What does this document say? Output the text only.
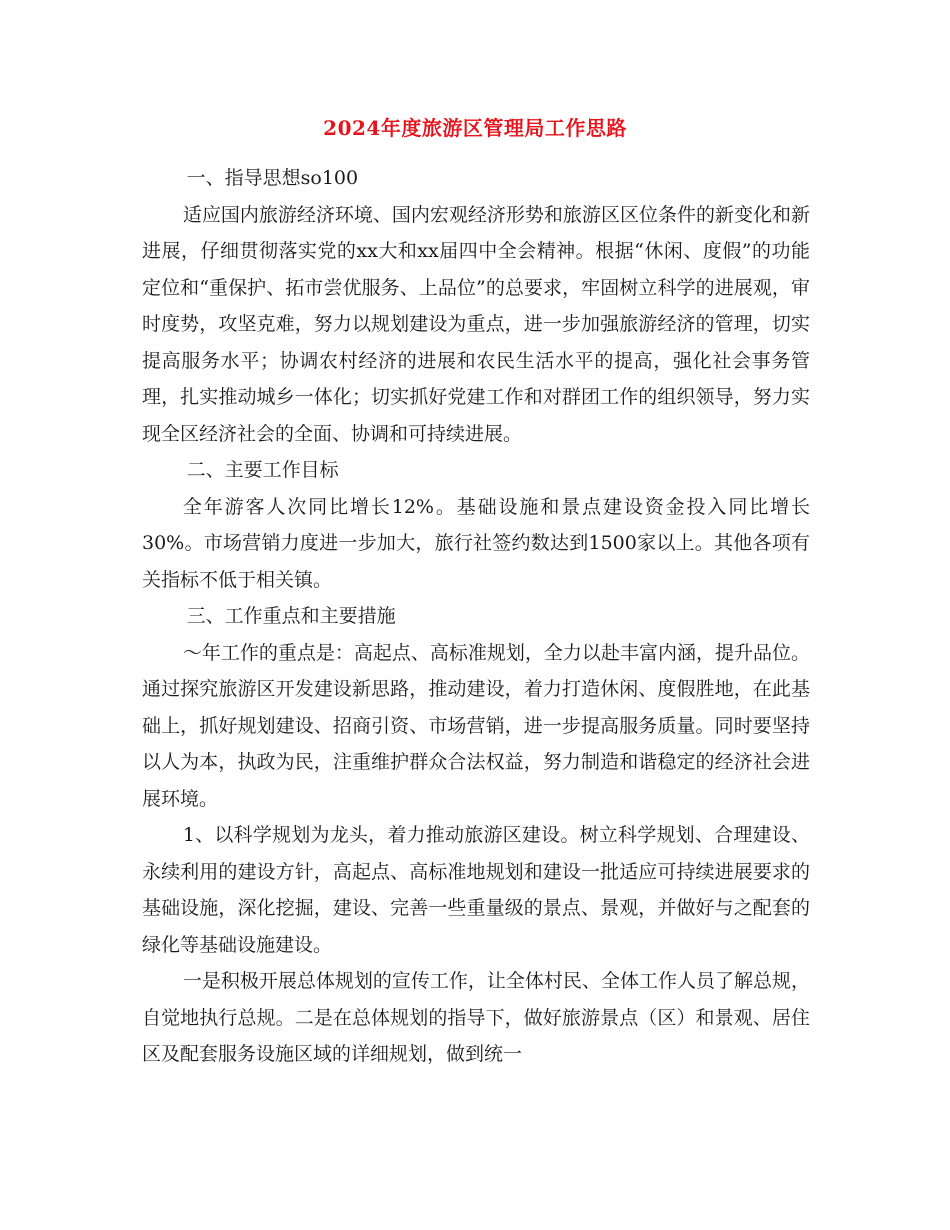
2024年度旅游区管理局工作思路

一、指导思想so100

适应国内旅游经济环境、国内宏观经济形势和旅游区区位条件的新变化和新进展，仔细贯彻落实党的xx大和xx届四中全会精神。根据“休闲、度假”的功能定位和“重保护、拓市尝优服务、上品位”的总要求，牢固树立科学的进展观，审时度势，攻坚克难，努力以规划建设为重点，进一步加强旅游经济的管理，切实提高服务水平；协调农村经济的进展和农民生活水平的提高，强化社会事务管理，扎实推动城乡一体化；切实抓好党建工作和对群团工作的组织领导，努力实现全区经济社会的全面、协调和可持续进展。

二、主要工作目标

全年游客人次同比增长12%。基础设施和景点建设资金投入同比增长30%。市场营销力度进一步加大，旅行社签约数达到1500家以上。其他各项有关指标不低于相关镇。

三、工作重点和主要措施

～年工作的重点是：高起点、高标准规划，全力以赴丰富内涵，提升品位。通过探究旅游区开发建设新思路，推动建设，着力打造休闲、度假胜地，在此基础上，抓好规划建设、招商引资、市场营销，进一步提高服务质量。同时要坚持以人为本，执政为民，注重维护群众合法权益，努力制造和谐稳定的经济社会进展环境。

1、以科学规划为龙头，着力推动旅游区建设。树立科学规划、合理建设、永续利用的建设方针，高起点、高标准地规划和建设一批适应可持续进展要求的基础设施，深化挖掘，建设、完善一些重量级的景点、景观，并做好与之配套的绿化等基础设施建设。

一是积极开展总体规划的宣传工作，让全体村民、全体工作人员了解总规，自觉地执行总规。二是在总体规划的指导下，做好旅游景点（区）和景观、居住区及配套服务设施区域的详细规划，做到统一
